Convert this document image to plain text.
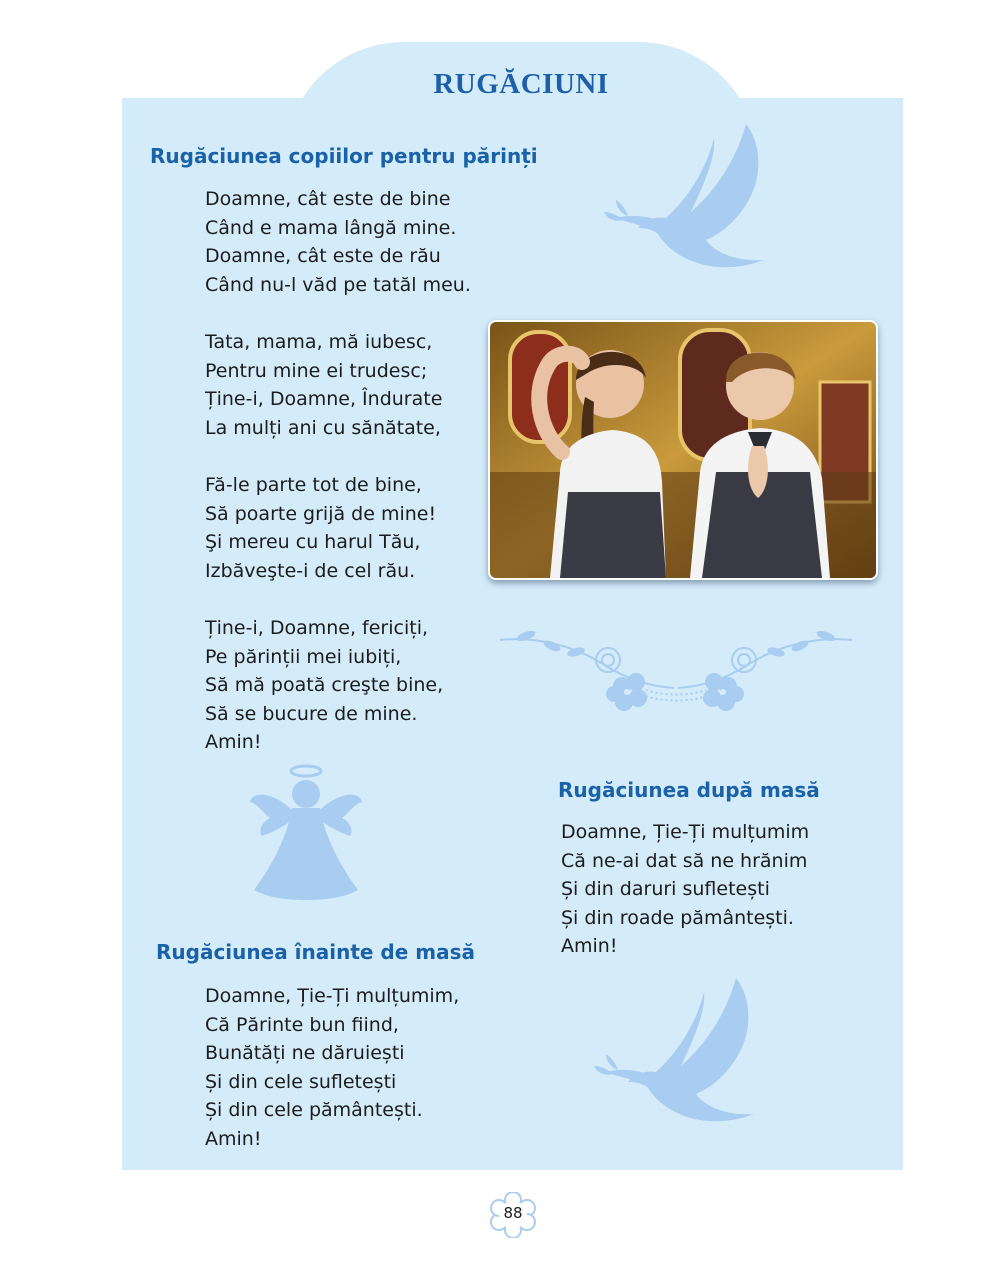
RUGĂCIUNI
Rugăciunea copiilor pentru părinți
Doamne, cât este de bine
Când e mama lângă mine.
Doamne, cât este de rău
Când nu-l văd pe tatăl meu.
Tata, mama, mă iubesc,
Pentru mine ei trudesc;
Ține-i, Doamne, Îndurate
La mulți ani cu sănătate,
Fă-le parte tot de bine,
Să poarte grijă de mine!
Şi mereu cu harul Tău,
Izbăveşte-i de cel rău.
Ține-i, Doamne, fericiți,
Pe părinții mei iubiți,
Să mă poată creşte bine,
Să se bucure de mine.
Amin!
Rugăciunea după masă
Doamne, Ție-Ți mulțumim
Că ne-ai dat să ne hrănim
Și din daruri sufletești
Și din roade pământești.
Amin!
Rugăciunea înainte de masă
Doamne, Ție-Ți mulțumim,
Că Părinte bun fiind,
Bunătăți ne dăruiești
Și din cele sufletești
Și din cele pământești.
Amin!
88
